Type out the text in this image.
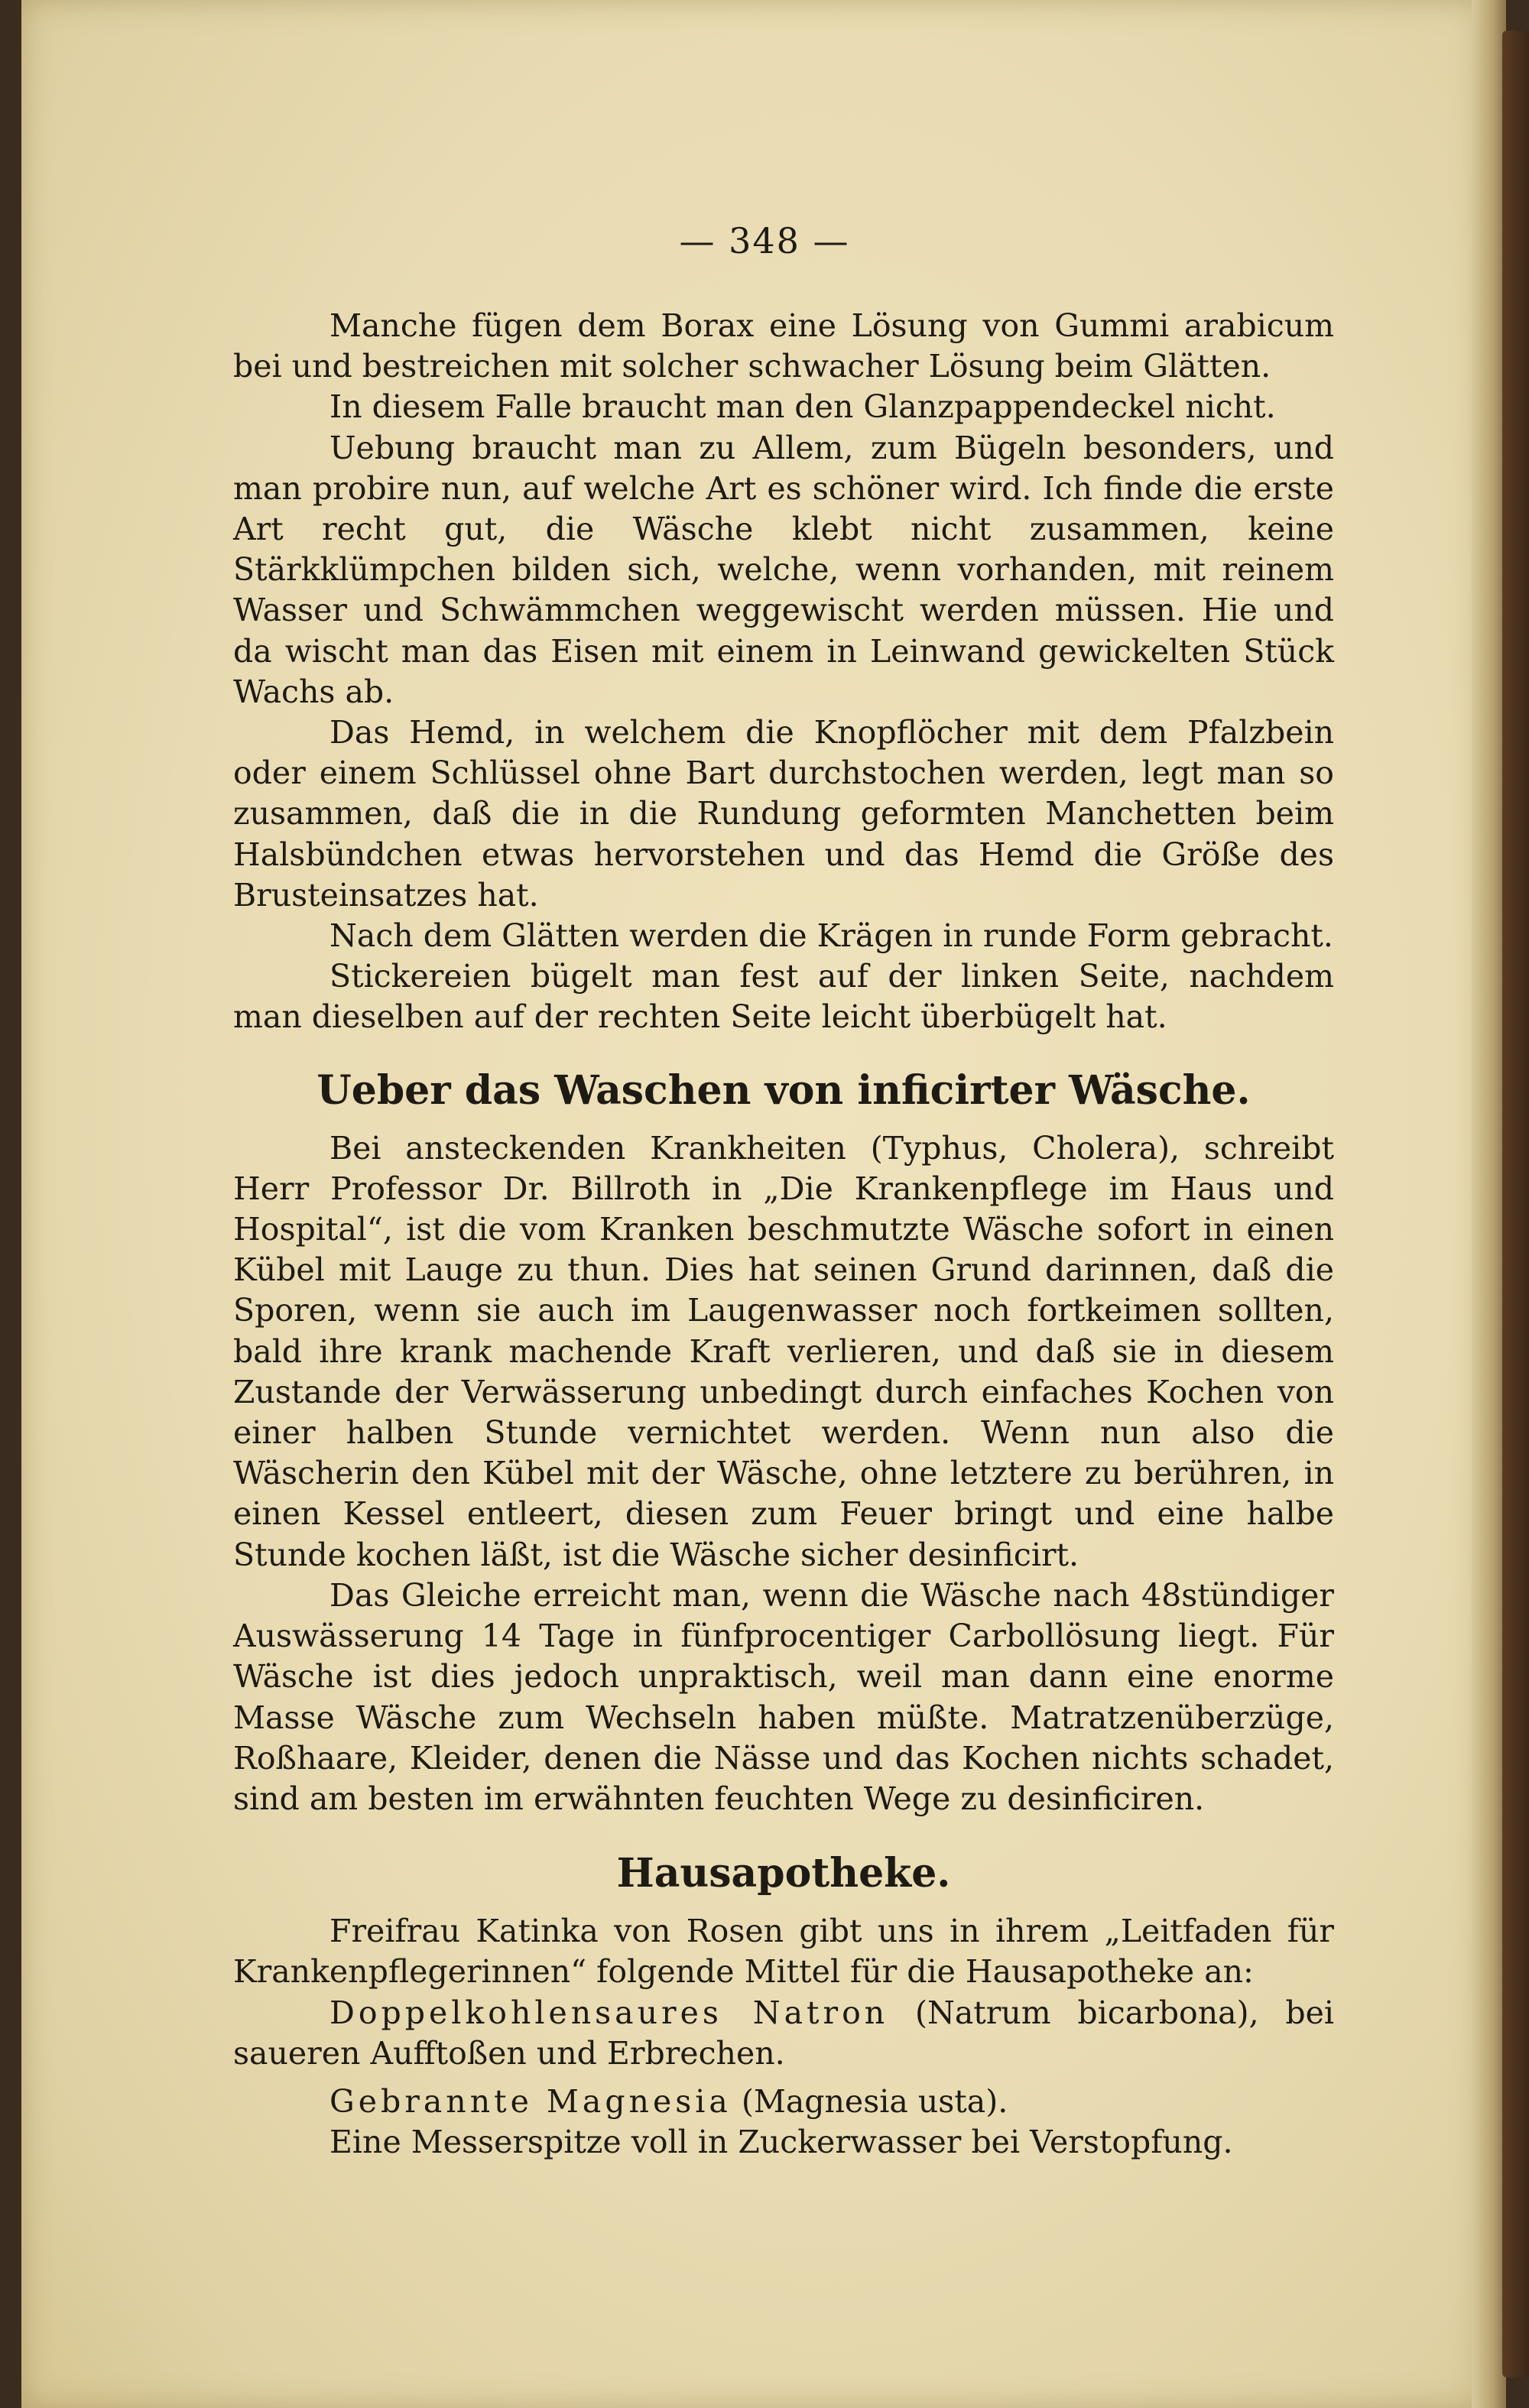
— 348 —

Manche fügen dem Borax eine Lösung von Gummi arabicum bei und bestreichen mit solcher schwacher Lösung beim Glätten.

In diesem Falle braucht man den Glanzpappendeckel nicht.

Uebung braucht man zu Allem, zum Bügeln besonders, und man probire nun, auf welche Art es schöner wird. Ich finde die erste Art recht gut, die Wäsche klebt nicht zusammen, keine Stärkklümpchen bilden sich, welche, wenn vorhanden, mit reinem Wasser und Schwämmchen weggewischt werden müssen. Hie und da wischt man das Eisen mit einem in Leinwand gewickelten Stück Wachs ab.

Das Hemd, in welchem die Knopflöcher mit dem Pfalzbein oder einem Schlüssel ohne Bart durchstochen werden, legt man so zusammen, daß die in die Rundung geformten Manchetten beim Halsbündchen etwas hervorstehen und das Hemd die Größe des Brusteinsatzes hat.

Nach dem Glätten werden die Krägen in runde Form gebracht.

Stickereien bügelt man fest auf der linken Seite, nachdem man dieselben auf der rechten Seite leicht überbügelt hat.

Ueber das Waschen von inficirter Wäsche.

Bei ansteckenden Krankheiten (Typhus, Cholera), schreibt Herr Professor Dr. Billroth in „Die Krankenpflege im Haus und Hospital“, ist die vom Kranken beschmutzte Wäsche sofort in einen Kübel mit Lauge zu thun. Dies hat seinen Grund darinnen, daß die Sporen, wenn sie auch im Laugenwasser noch fortkeimen sollten, bald ihre krank machende Kraft verlieren, und daß sie in diesem Zustande der Verwässerung unbedingt durch einfaches Kochen von einer halben Stunde vernichtet werden. Wenn nun also die Wäscherin den Kübel mit der Wäsche, ohne letztere zu berühren, in einen Kessel entleert, diesen zum Feuer bringt und eine halbe Stunde kochen läßt, ist die Wäsche sicher desinficirt.

Das Gleiche erreicht man, wenn die Wäsche nach 48stündiger Auswässerung 14 Tage in fünfprocentiger Carbollösung liegt. Für Wäsche ist dies jedoch unpraktisch, weil man dann eine enorme Masse Wäsche zum Wechseln haben müßte. Matratzenüberzüge, Roßhaare, Kleider, denen die Nässe und das Kochen nichts schadet, sind am besten im erwähnten feuchten Wege zu desinficiren.

Hausapotheke.

Freifrau Katinka von Rosen gibt uns in ihrem „Leitfaden für Krankenpflegerinnen“ folgende Mittel für die Hausapotheke an:

Doppelkohlensaures Natron (Natrum bicarbona), bei saueren Aufftoßen und Erbrechen.

Gebrannte Magnesia (Magnesia usta).

Eine Messerspitze voll in Zuckerwasser bei Verstopfung.
